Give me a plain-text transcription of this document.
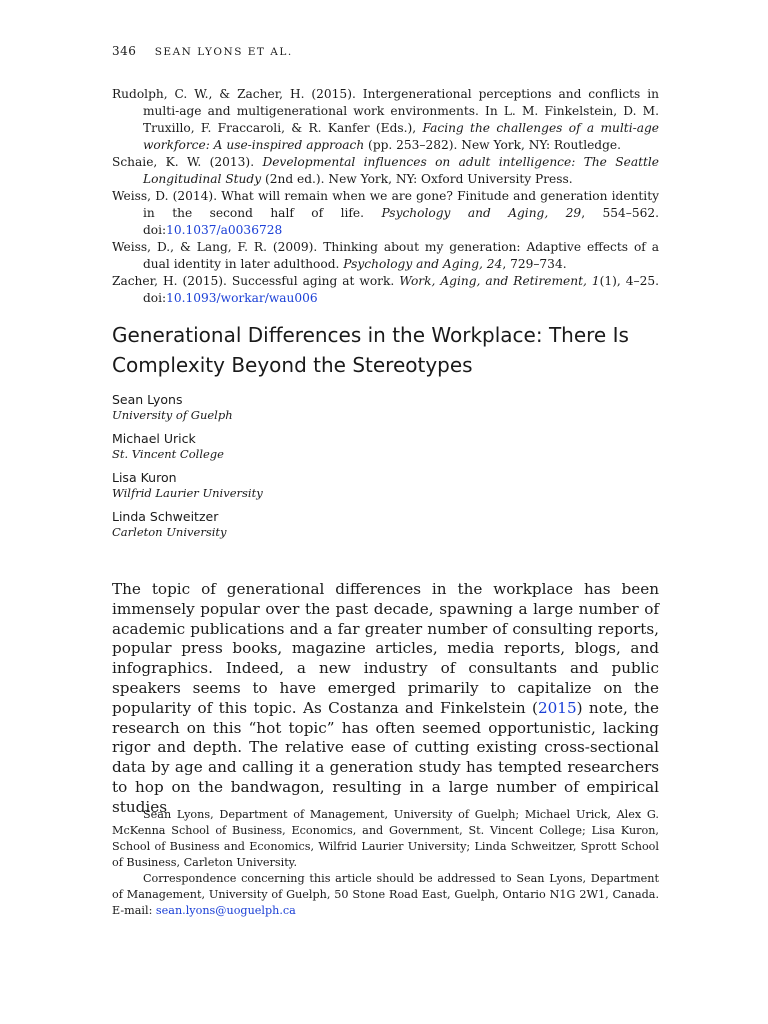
346 SEAN LYONS ET AL.

Rudolph, C. W., & Zacher, H. (2015). Intergenerational perceptions and conflicts in multi-age and multigenerational work environments. In L. M. Finkelstein, D. M. Truxillo, F. Fraccaroli, & R. Kanfer (Eds.), Facing the challenges of a multi-age workforce: A use-inspired approach (pp. 253–282). New York, NY: Routledge.

Schaie, K. W. (2013). Developmental influences on adult intelligence: The Seattle Longitudinal Study (2nd ed.). New York, NY: Oxford University Press.

Weiss, D. (2014). What will remain when we are gone? Finitude and generation identity in the second half of life. Psychology and Aging, 29, 554–562. doi:10.1037/a0036728

Weiss, D., & Lang, F. R. (2009). Thinking about my generation: Adaptive effects of a dual identity in later adulthood. Psychology and Aging, 24, 729–734.

Zacher, H. (2015). Successful aging at work. Work, Aging, and Retirement, 1(1), 4–25. doi:10.1093/workar/wau006

Generational Differences in the Workplace: There Is Complexity Beyond the Stereotypes
Sean Lyons
University of Guelph
Michael Urick
St. Vincent College
Lisa Kuron
Wilfrid Laurier University
Linda Schweitzer
Carleton University

The topic of generational differences in the workplace has been immensely popular over the past decade, spawning a large number of academic publications and a far greater number of consulting reports, popular press books, magazine articles, media reports, blogs, and infographics. Indeed, a new industry of consultants and public speakers seems to have emerged primarily to capitalize on the popularity of this topic. As Costanza and Finkelstein (2015) note, the research on this “hot topic” has often seemed opportunistic, lacking rigor and depth. The relative ease of cutting existing cross-sectional data by age and calling it a generation study has tempted researchers to hop on the bandwagon, resulting in a large number of empirical studies

Sean Lyons, Department of Management, University of Guelph; Michael Urick, Alex G. McKenna School of Business, Economics, and Government, St. Vincent College; Lisa Kuron, School of Business and Economics, Wilfrid Laurier University; Linda Schweitzer, Sprott School of Business, Carleton University.

Correspondence concerning this article should be addressed to Sean Lyons, Department of Management, University of Guelph, 50 Stone Road East, Guelph, Ontario N1G 2W1, Canada. E-mail: sean.lyons@uoguelph.ca
